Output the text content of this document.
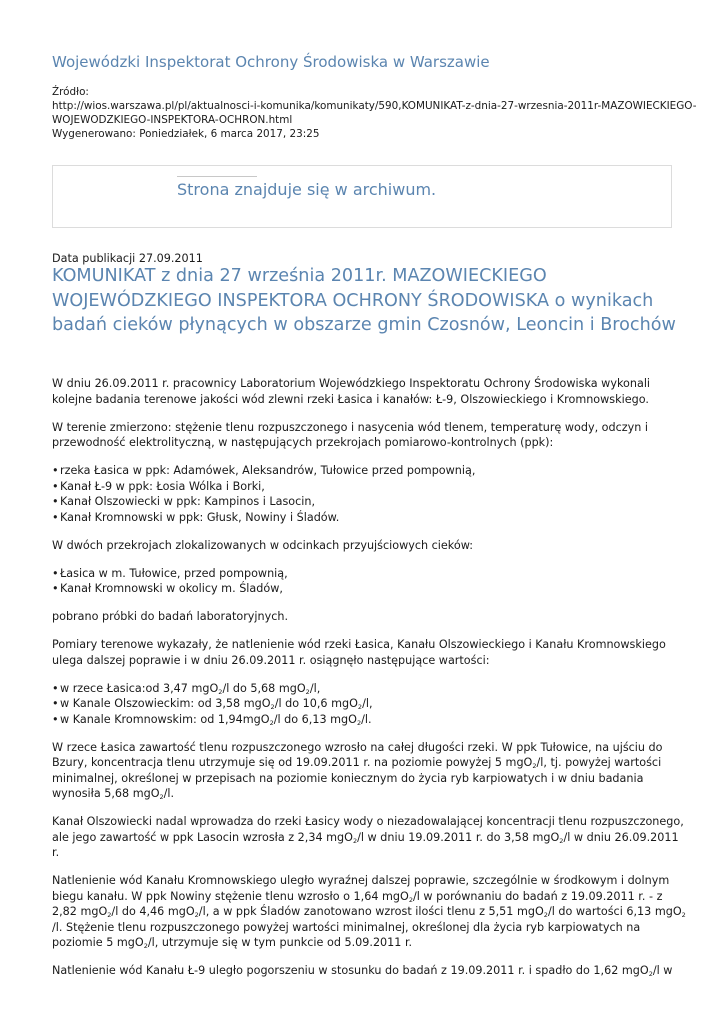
Wojewódzki Inspektorat Ochrony Środowiska w Warszawie
Źródło:
http://wios.warszawa.pl/pl/aktualnosci-i-komunika/komunikaty/590,KOMUNIKAT-z-dnia-27-wrzesnia-2011r-MAZOWIECKIEGO-
WOJEWODZKIEGO-INSPEKTORA-OCHRON.html
Wygenerowano: Poniedziałek, 6 marca 2017, 23:25
Strona znajduje się w archiwum.
Data publikacji 27.09.2011
KOMUNIKAT z dnia 27 września 2011r. MAZOWIECKIEGO
WOJEWÓDZKIEGO INSPEKTORA OCHRONY ŚRODOWISKA o wynikach
badań cieków płynących w obszarze gmin Czosnów, Leoncin i Brochów

W dniu 26.09.2011 r. pracownicy Laboratorium Wojewódzkiego Inspektoratu Ochrony Środowiska wykonali
kolejne badania terenowe jakości wód zlewni rzeki Łasica i kanałów: Ł-9, Olszowieckiego i Kromnowskiego.

W terenie zmierzono: stężenie tlenu rozpuszczonego i nasycenia wód tlenem, temperaturę wody, odczyn i
przewodność elektrolityczną, w następujących przekrojach pomiarowo-kontrolnych (ppk):

• rzeka Łasica w ppk: Adamówek, Aleksandrów, Tułowice przed pompownią,
• Kanał Ł-9 w ppk: Łosia Wólka i Borki,
• Kanał Olszowiecki w ppk: Kampinos i Lasocin,
• Kanał Kromnowski w ppk: Głusk, Nowiny i Śladów.

W dwóch przekrojach zlokalizowanych w odcinkach przyujściowych cieków:

• Łasica w m. Tułowice, przed pompownią,
• Kanał Kromnowski w okolicy m. Śladów,

pobrano próbki do badań laboratoryjnych.

Pomiary terenowe wykazały, że natlenienie wód rzeki Łasica, Kanału Olszowieckiego i Kanału Kromnowskiego
ulega dalszej poprawie i w dniu 26.09.2011 r. osiągnęło następujące wartości:

• w rzece Łasica:od 3,47 mgO$_2$/l do 5,68 mgO$_2$/l,
• w Kanale Olszowieckim: od 3,58 mgO$_2$/l do 10,6 mgO$_2$/l,
• w Kanale Kromnowskim: od 1,94mgO$_2$/l do 6,13 mgO$_2$/l.

W rzece Łasica zawartość tlenu rozpuszczonego wzrosło na całej długości rzeki. W ppk Tułowice, na ujściu do
Bzury, koncentracja tlenu utrzymuje się od 19.09.2011 r. na poziomie powyżej 5 mgO$_2$/l, tj. powyżej wartości
minimalnej, określonej w przepisach na poziomie koniecznym do życia ryb karpiowatych i w dniu badania
wynosiła 5,68 mgO$_2$/l.

Kanał Olszowiecki nadal wprowadza do rzeki Łasicy wody o niezadowalającej koncentracji tlenu rozpuszczonego,
ale jego zawartość w ppk Lasocin wzrosła z 2,34 mgO$_2$/l w dniu 19.09.2011 r. do 3,58 mgO$_2$/l w dniu 26.09.2011
r.

Natlenienie wód Kanału Kromnowskiego uległo wyraźnej dalszej poprawie, szczególnie w środkowym i dolnym
biegu kanału. W ppk Nowiny stężenie tlenu wzrosło o 1,64 mgO$_2$/l w porównaniu do badań z 19.09.2011 r. - z
2,82 mgO$_2$/l do 4,46 mgO$_2$/l, a w ppk Śladów zanotowano wzrost ilości tlenu z 5,51 mgO$_2$/l do wartości 6,13 mgO$_2$
/l. Stężenie tlenu rozpuszczonego powyżej wartości minimalnej, określonej dla życia ryb karpiowatych na
poziomie 5 mgO$_2$/l, utrzymuje się w tym punkcie od 5.09.2011 r.

Natlenienie wód Kanału Ł-9 uległo pogorszeniu w stosunku do badań z 19.09.2011 r. i spadło do 1,62 mgO$_2$/l w
